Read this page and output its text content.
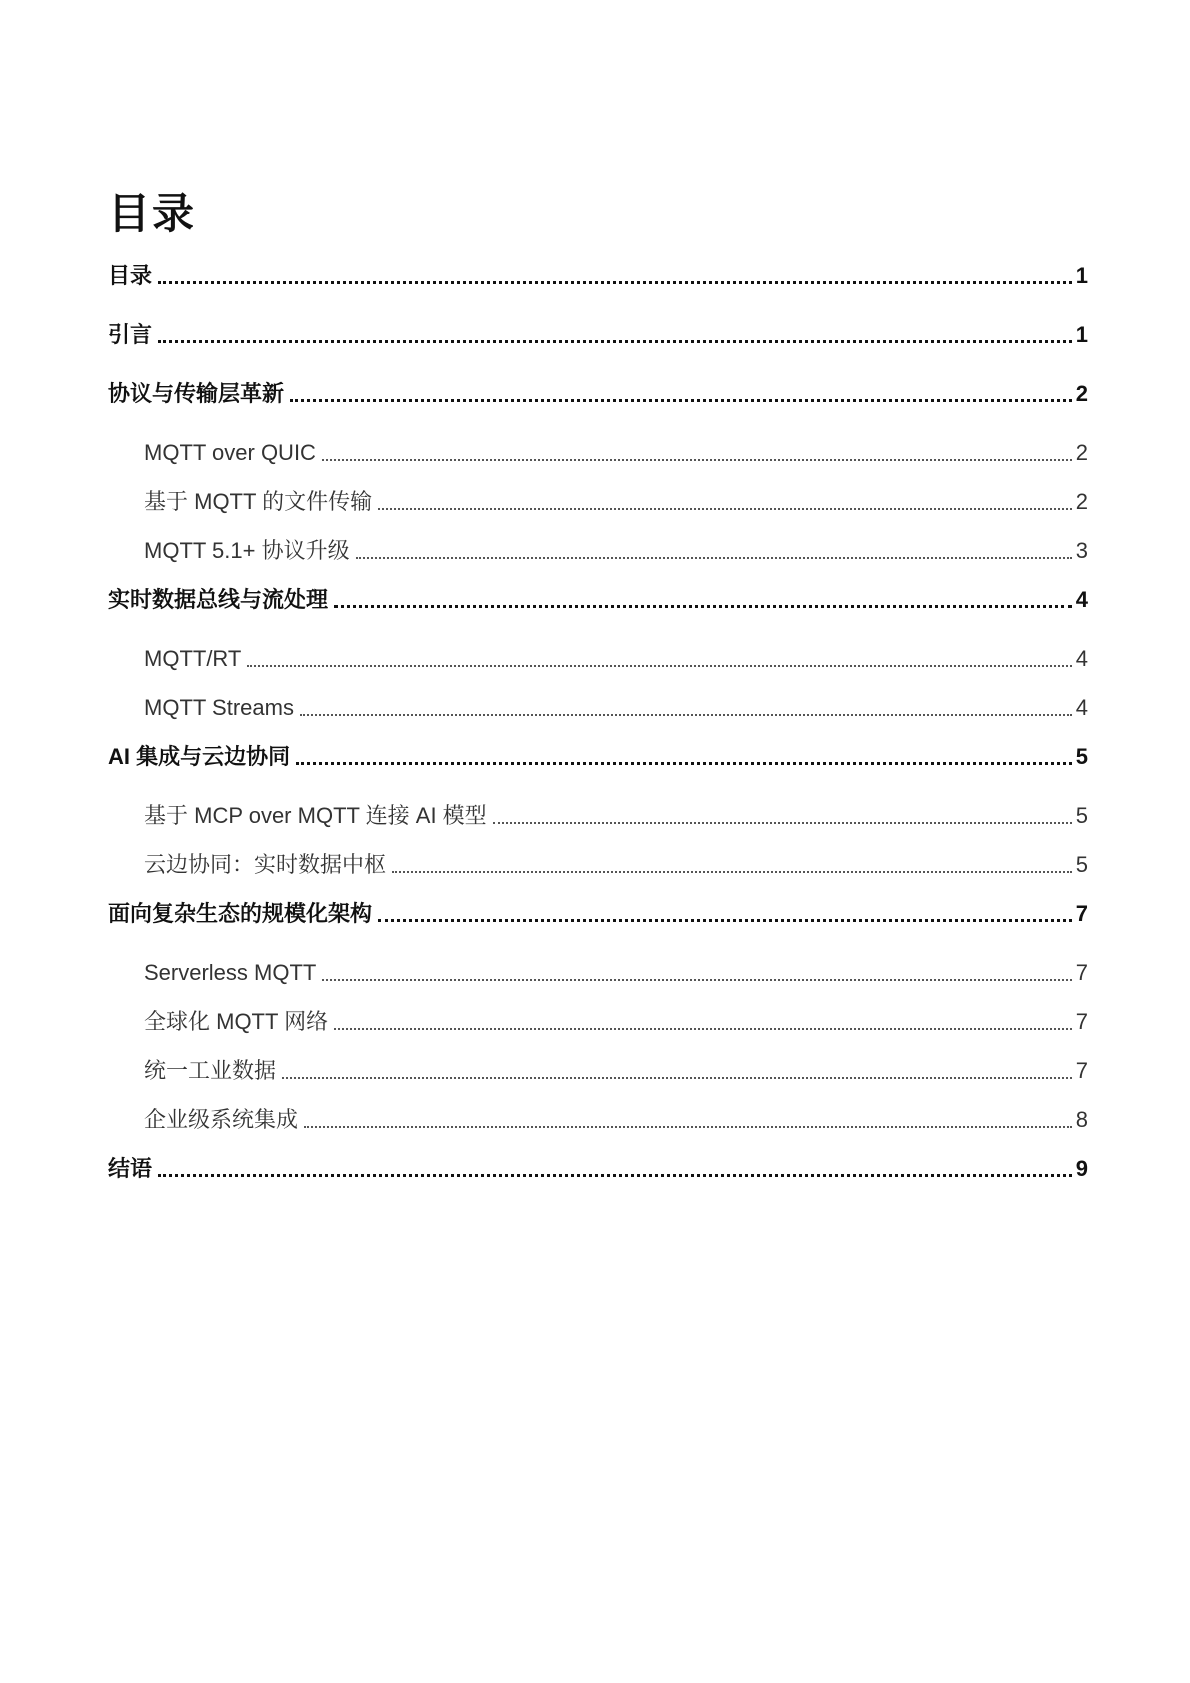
目录
目录	1
引言	1
协议与传输层革新	2
MQTT over QUIC	2
基于 MQTT 的文件传输	2
MQTT 5.1+ 协议升级	3
实时数据总线与流处理	4
MQTT/RT	4
MQTT Streams	4
AI 集成与云边协同	5
基于 MCP over MQTT 连接 AI 模型	5
云边协同：实时数据中枢	5
面向复杂生态的规模化架构	7
Serverless MQTT	7
全球化 MQTT 网络	7
统一工业数据	7
企业级系统集成	8
结语	9
